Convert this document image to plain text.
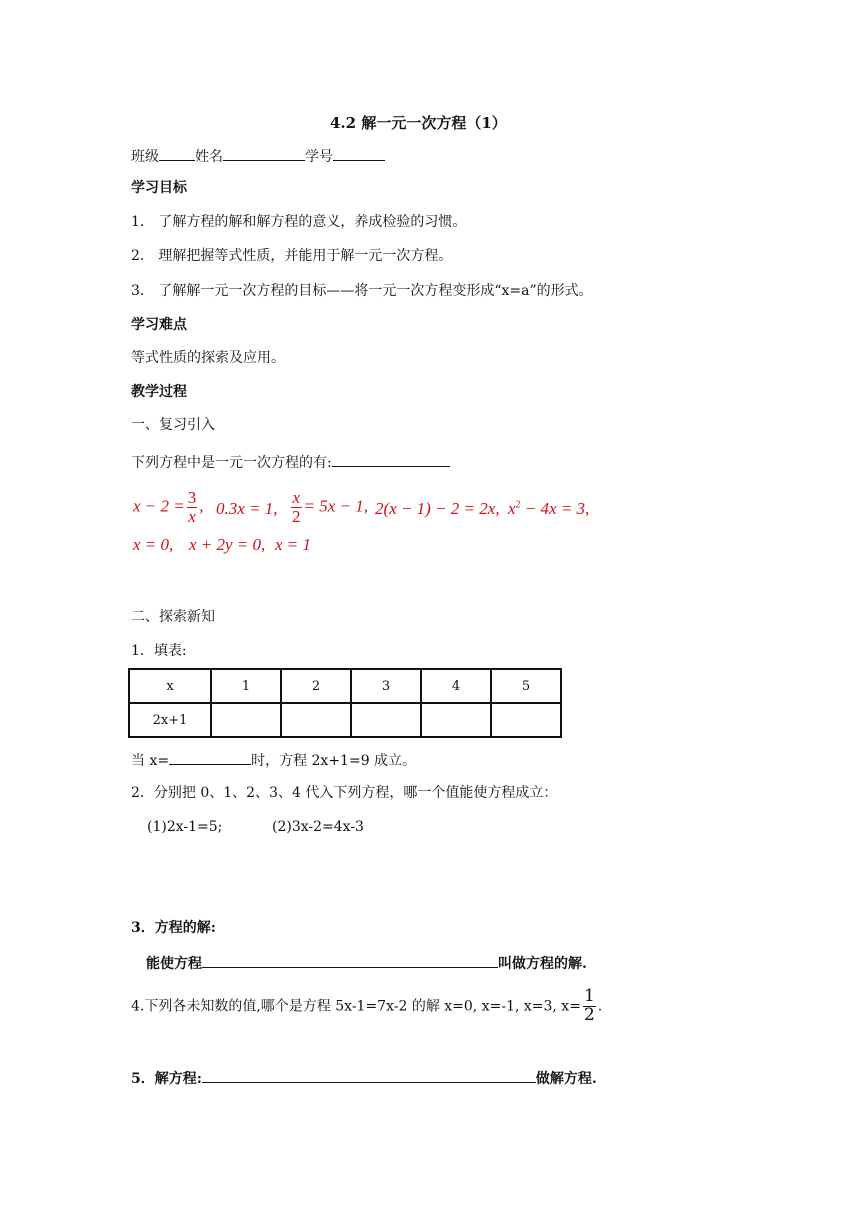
4.2 解一元一次方程（1）
班级	姓名	学号
学习目标
1． 了解方程的解和解方程的意义，养成检验的习惯。
2． 理解把握等式性质，并能用于解一元一次方程。
3． 了解解一元一次方程的目标——将一元一次方程变形成“x=a”的形式。
学习难点
等式性质的探索及应用。
教学过程
一、复习引入
下列方程中是一元一次方程的有:
$x - 2 = \frac{3}{x}$ , 0.3x = 1, $\frac{x}{2} = 5x - 1$, 2(x − 1) − 2 = 2x, $x^2 - 4x = 3$,
x = 0, x + 2y = 0, x = 1
二、探索新知
1．填表:
x	1	2	3	4	5
2x+1					
当 x=	时，方程 2x+1=9 成立。
2．分别把 0、1、2、3、4 代入下列方程，哪一个值能使方程成立：
(1)2x-1=5;	(2)3x-2=4x-3
3．方程的解:
能使方程	叫做方程的解.
4.下列各未知数的值,哪个是方程 5x-1=7x-2 的解 x=0, x=-1, x=3, $x= \frac{1}{2}$ .
5．解方程:	做解方程.
